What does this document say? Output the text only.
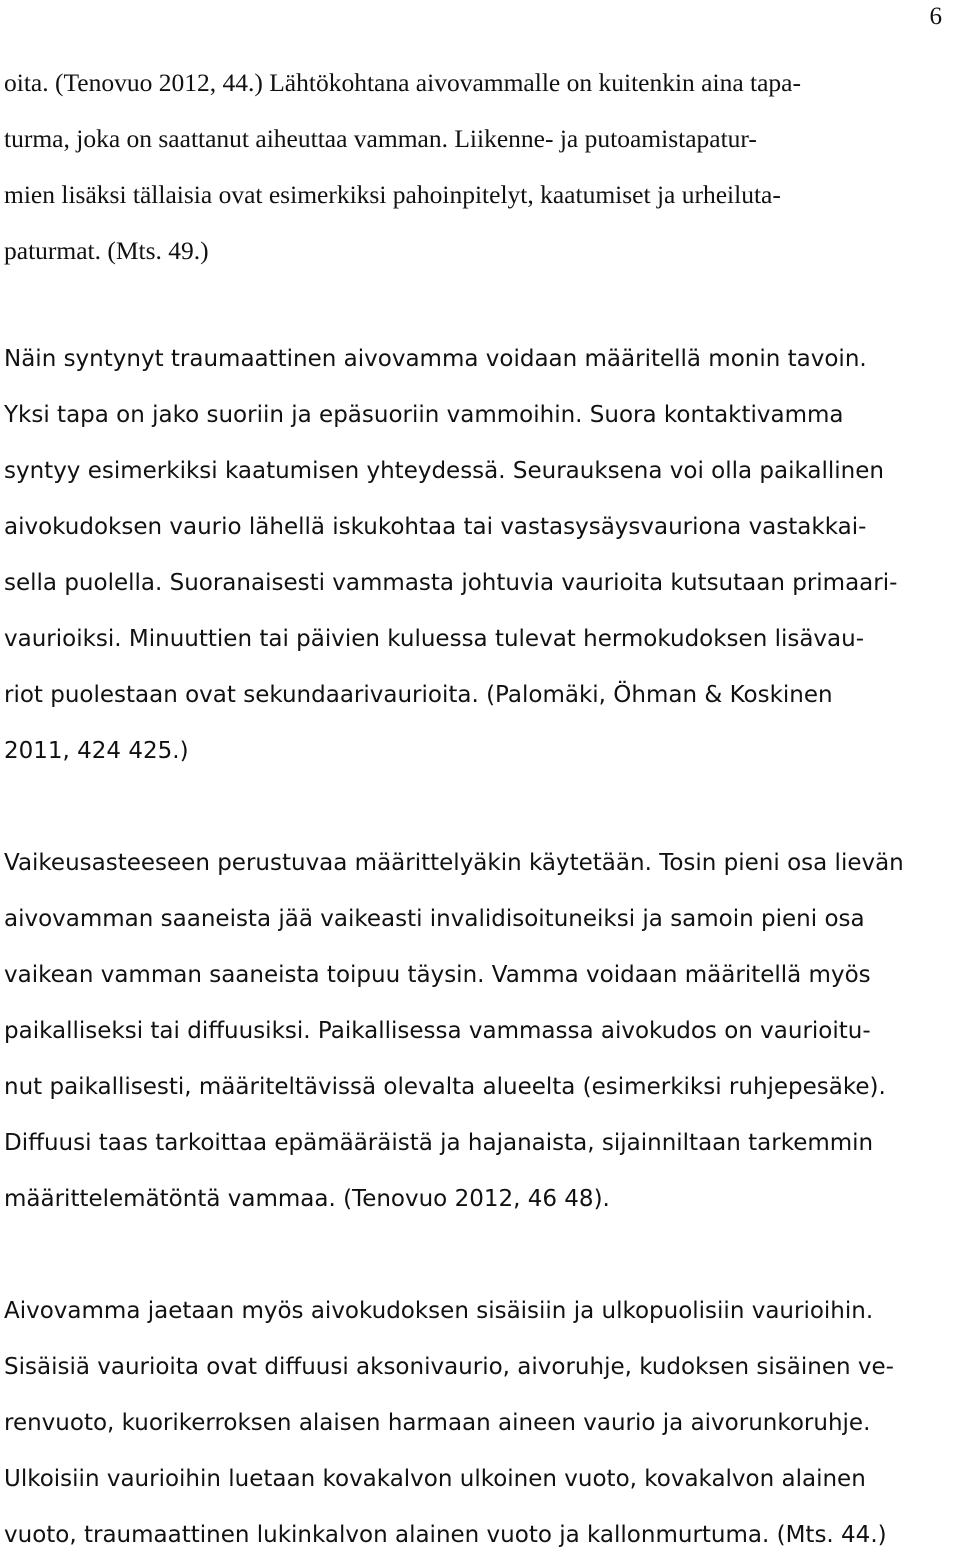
6
oita. (Tenovuo 2012, 44.) Lähtökohtana aivovammalle on kuitenkin aina tapa-
turma, joka on saattanut aiheuttaa vamman. Liikenne- ja putoamistapatur-
mien lisäksi tällaisia ovat esimerkiksi pahoinpitelyt, kaatumiset ja urheiluta-
paturmat. (Mts. 49.)
Näin syntynyt traumaattinen aivovamma voidaan määritellä monin tavoin.
Yksi tapa on jako suoriin ja epäsuoriin vammoihin. Suora kontaktivamma
syntyy esimerkiksi kaatumisen yhteydessä. Seurauksena voi olla paikallinen
aivokudoksen vaurio lähellä iskukohtaa tai vastasysäysvauriona vastakkai-
sella puolella. Suoranaisesti vammasta johtuvia vaurioita kutsutaan primaari-
vaurioiksi. Minuuttien tai päivien kuluessa tulevat hermokudoksen lisävau-
riot puolestaan ovat sekundaarivaurioita. (Palomäki, Öhman & Koskinen
2011, 424 425.)
Vaikeusasteeseen perustuvaa määrittelyäkin käytetään. Tosin pieni osa lievän
aivovamman saaneista jää vaikeasti invalidisoituneiksi ja samoin pieni osa
vaikean vamman saaneista toipuu täysin. Vamma voidaan määritellä myös
paikalliseksi tai diffuusiksi. Paikallisessa vammassa aivokudos on vaurioitu-
nut paikallisesti, määriteltävissä olevalta alueelta (esimerkiksi ruhjepesäke).
Diffuusi taas tarkoittaa epämääräistä ja hajanaista, sijainniltaan tarkemmin
määrittelemätöntä vammaa. (Tenovuo 2012, 46 48).
Aivovamma jaetaan myös aivokudoksen sisäisiin ja ulkopuolisiin vaurioihin.
Sisäisiä vaurioita ovat diffuusi aksonivaurio, aivoruhje, kudoksen sisäinen ve-
renvuoto, kuorikerroksen alaisen harmaan aineen vaurio ja aivorunkoruhje.
Ulkoisiin vaurioihin luetaan kovakalvon ulkoinen vuoto, kovakalvon alainen
vuoto, traumaattinen lukinkalvon alainen vuoto ja kallonmurtuma. (Mts. 44.)
